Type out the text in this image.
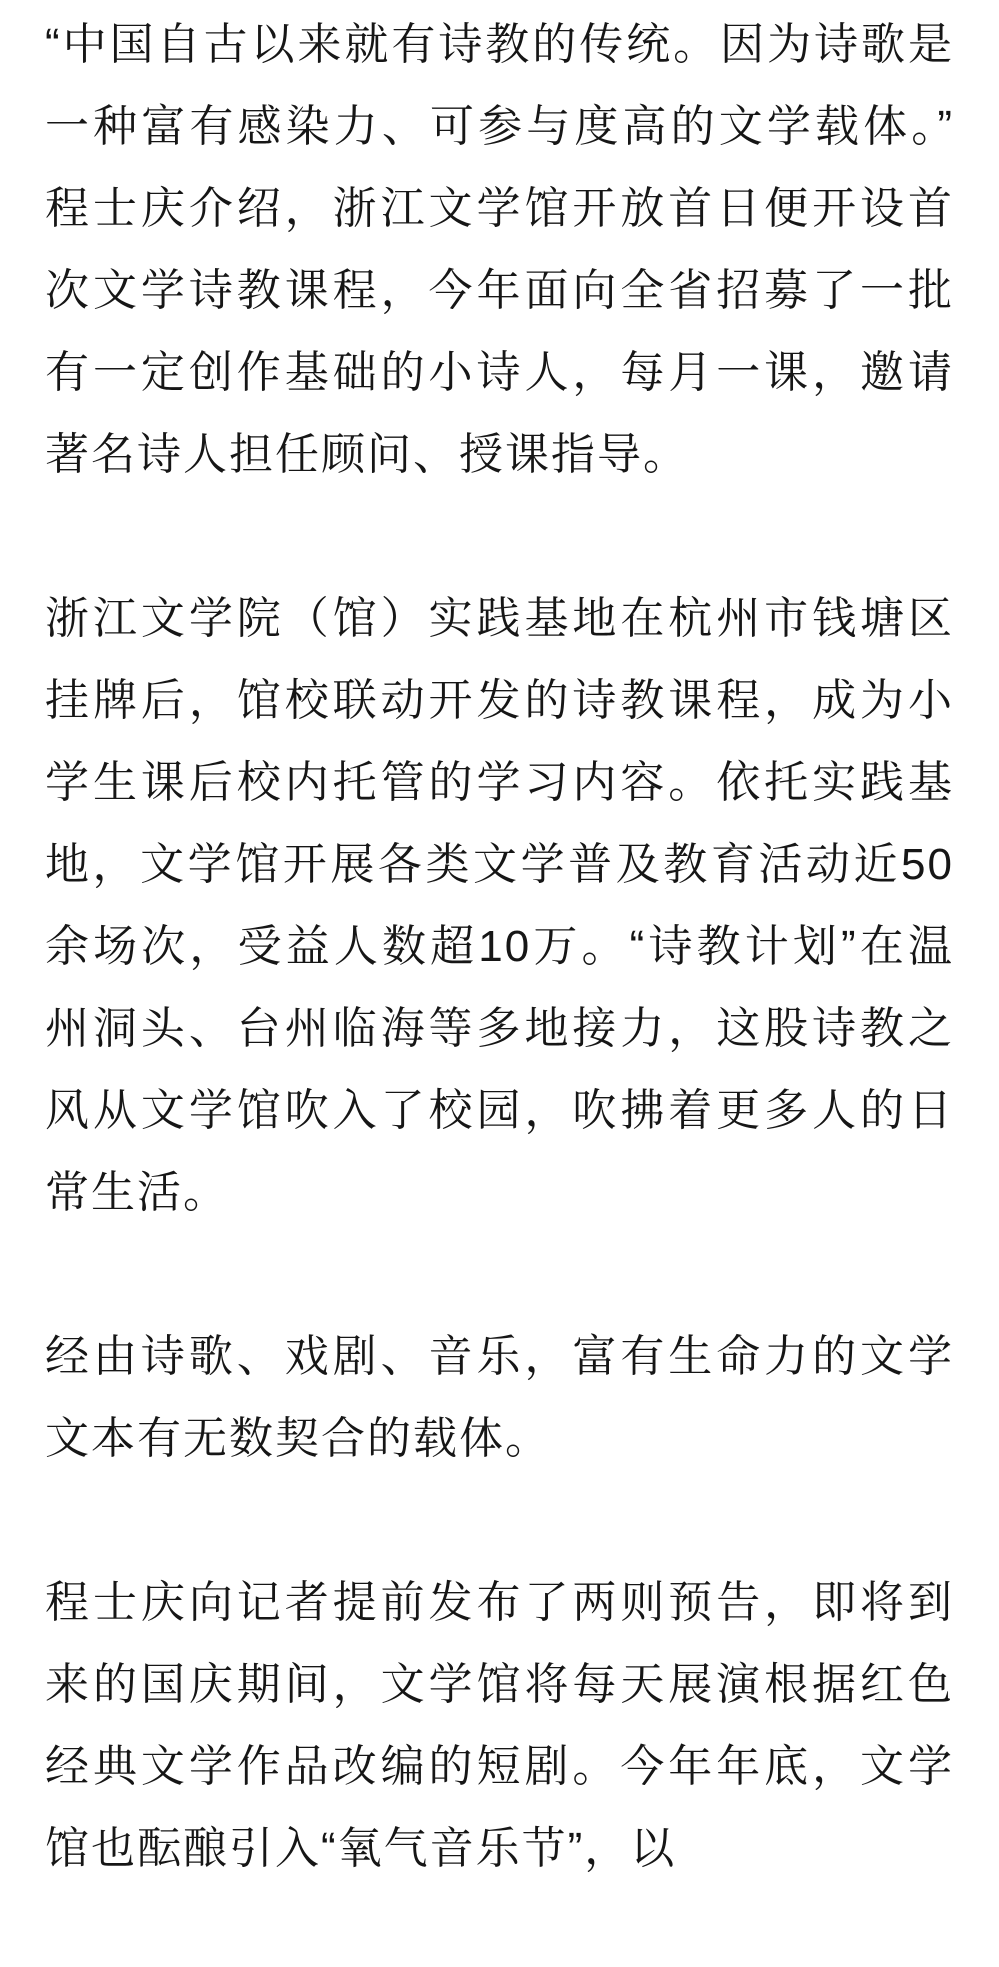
“中国自古以来就有诗教的传统。因为诗歌是一种富有感染力、可参与度高的文学载体。”程士庆介绍，浙江文学馆开放首日便开设首次文学诗教课程，今年面向全省招募了一批有一定创作基础的小诗人，每月一课，邀请著名诗人担任顾问、授课指导。

浙江文学院（馆）实践基地在杭州市钱塘区挂牌后，馆校联动开发的诗教课程，成为小学生课后校内托管的学习内容。依托实践基地，文学馆开展各类文学普及教育活动近50余场次，受益人数超10万。“诗教计划”在温州洞头、台州临海等多地接力，这股诗教之风从文学馆吹入了校园，吹拂着更多人的日常生活。

经由诗歌、戏剧、音乐，富有生命力的文学文本有无数契合的载体。

程士庆向记者提前发布了两则预告，即将到来的国庆期间，文学馆将每天展演根据红色经典文学作品改编的短剧。今年年底，文学馆也酝酿引入“氧气音乐节”，以
